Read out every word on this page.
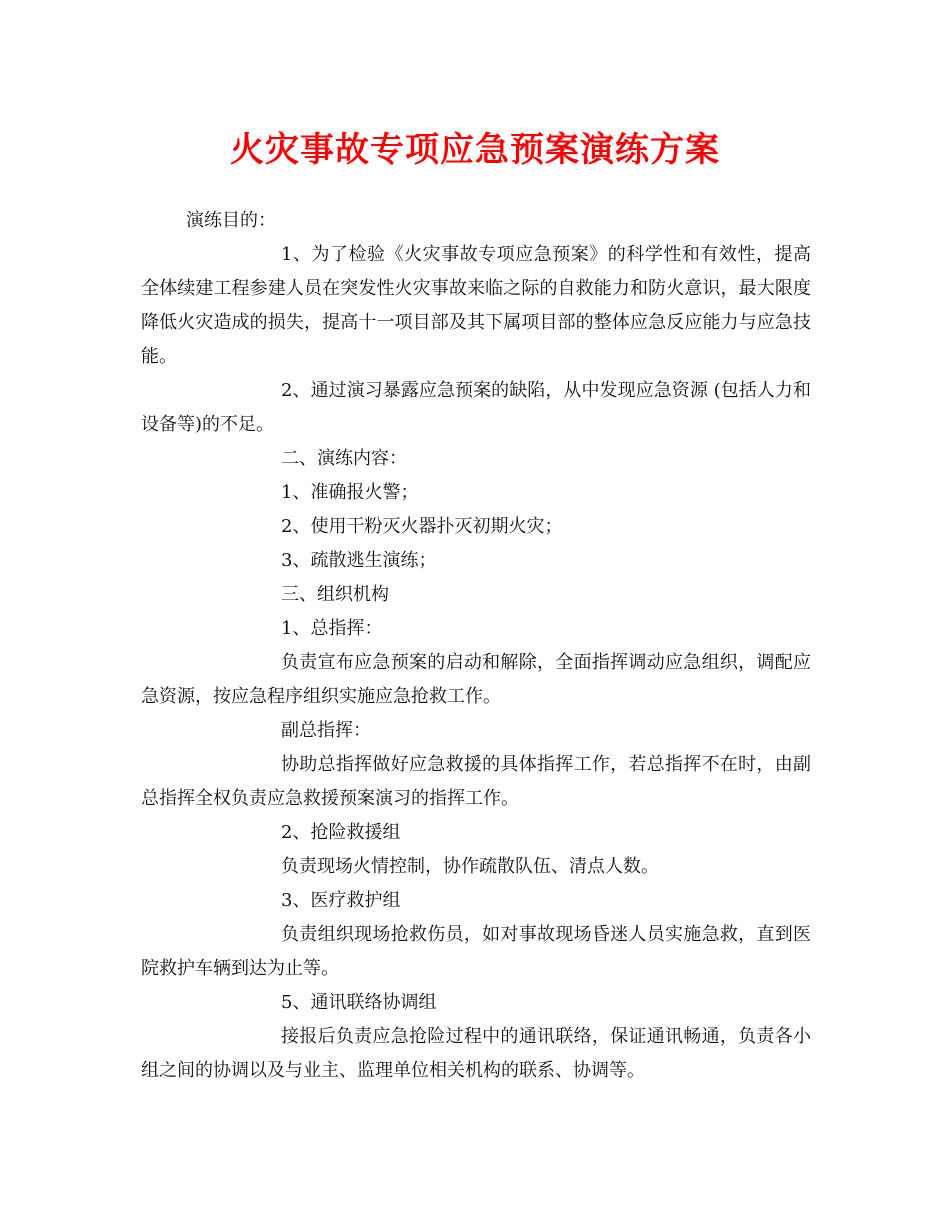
火灾事故专项应急预案演练方案

演练目的：

1、为了检验《火灾事故专项应急预案》的科学性和有效性，提高全体续建工程参建人员在突发性火灾事故来临之际的自救能力和防火意识，最大限度降低火灾造成的损失，提高十一项目部及其下属项目部的整体应急反应能力与应急技能。

2、通过演习暴露应急预案的缺陷，从中发现应急资源 (包括人力和设备等)的不足。

二、演练内容：

1、准确报火警；

2、使用干粉灭火器扑灭初期火灾；

3、疏散逃生演练；

三、组织机构

1、总指挥：

负责宣布应急预案的启动和解除，全面指挥调动应急组织，调配应急资源，按应急程序组织实施应急抢救工作。

副总指挥：

协助总指挥做好应急救援的具体指挥工作，若总指挥不在时，由副总指挥全权负责应急救援预案演习的指挥工作。

2、抢险救援组

负责现场火情控制，协作疏散队伍、清点人数。

3、医疗救护组

负责组织现场抢救伤员，如对事故现场昏迷人员实施急救，直到医院救护车辆到达为止等。

5、通讯联络协调组

接报后负责应急抢险过程中的通讯联络，保证通讯畅通，负责各小组之间的协调以及与业主、监理单位相关机构的联系、协调等。
